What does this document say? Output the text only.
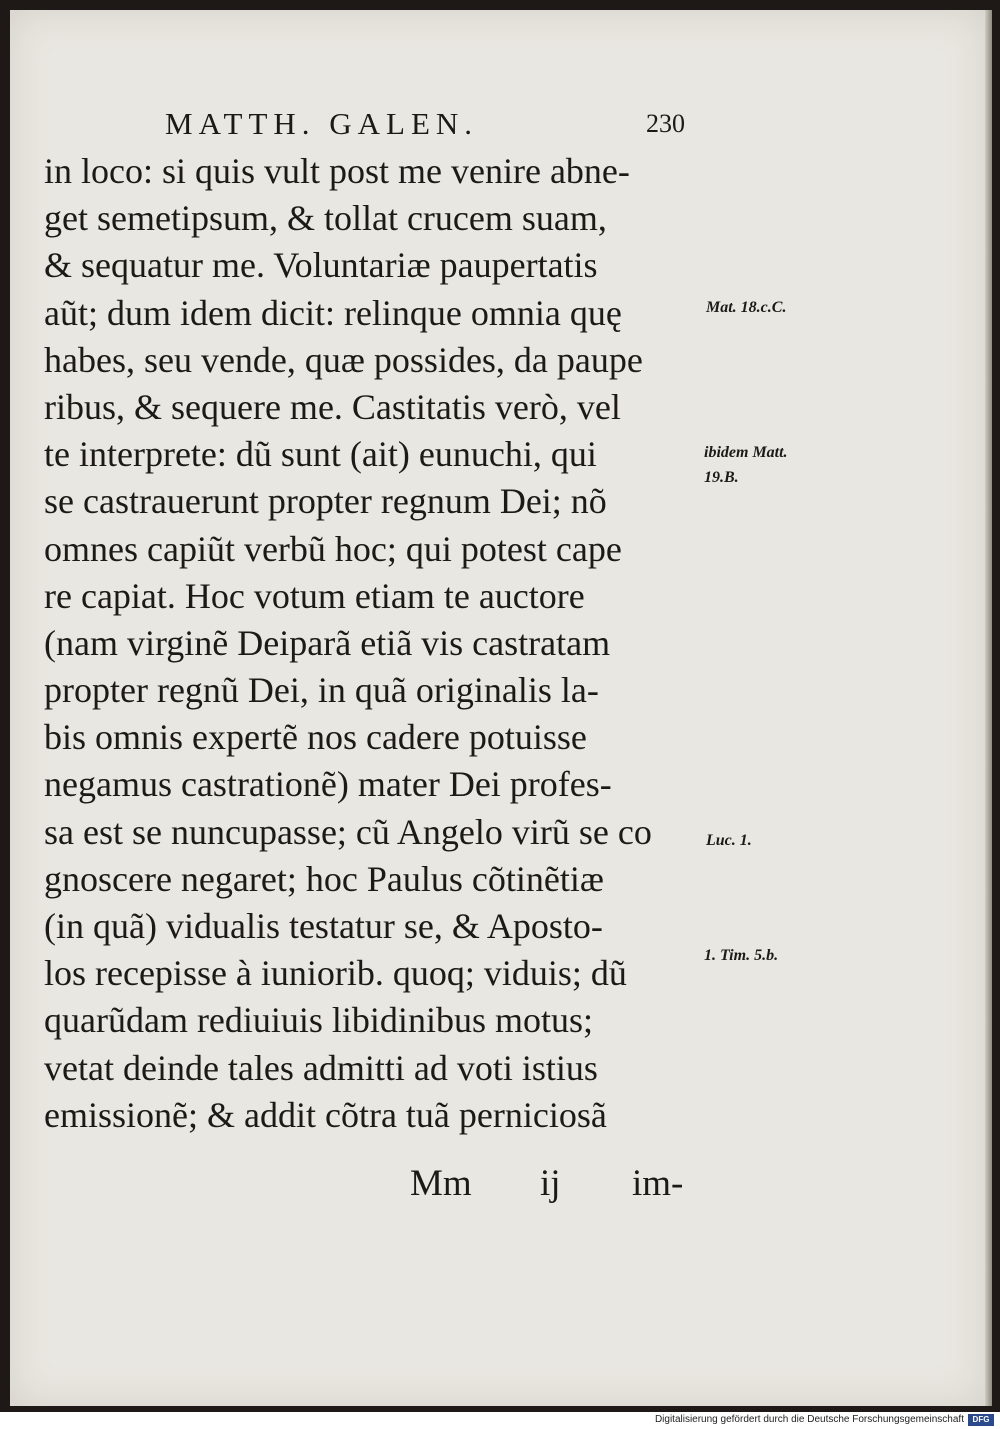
MATTH. GALEN.	230
in loco: si quis vult post me venire abne-
get semetipsum, & tollat crucem suam,
& sequatur me. Voluntariæ paupertatis
aũt; dum idem dicit: relinque omnia quę
habes, seu vende, quæ possides, da paupe
ribus, & sequere me. Castitatis verò, vel
te interprete: dũ sunt (ait) eunuchi, qui
se castrauerunt propter regnum Dei; nõ
omnes capiũt verbũ hoc; qui potest cape
re capiat. Hoc votum etiam te auctore
(nam virginẽ Deiparã etiã vis castratam
propter regnũ Dei, in quã originalis la-
bis omnis expertẽ nos cadere potuisse
negamus castrationẽ) mater Dei profes-
sa est se nuncupasse; cũ Angelo virũ se co
gnoscere negaret; hoc Paulus cõtinẽtiæ
(in quã) vidualis testatur se, & Aposto-
los recepisse à iuniorib. quoq; viduis; dũ
quarũdam rediuiuis libidinibus motus;
vetat deinde tales admitti ad voti istius
emissionẽ; & addit cõtra tuã perniciosã
Mm ij im-
Mat. 18.c.C.
ibidem Matt.
19.B.
Luc. 1.
1. Tim. 5.b.
Digitalisierung gefördert durch die Deutsche Forschungsgemeinschaft	DFG
